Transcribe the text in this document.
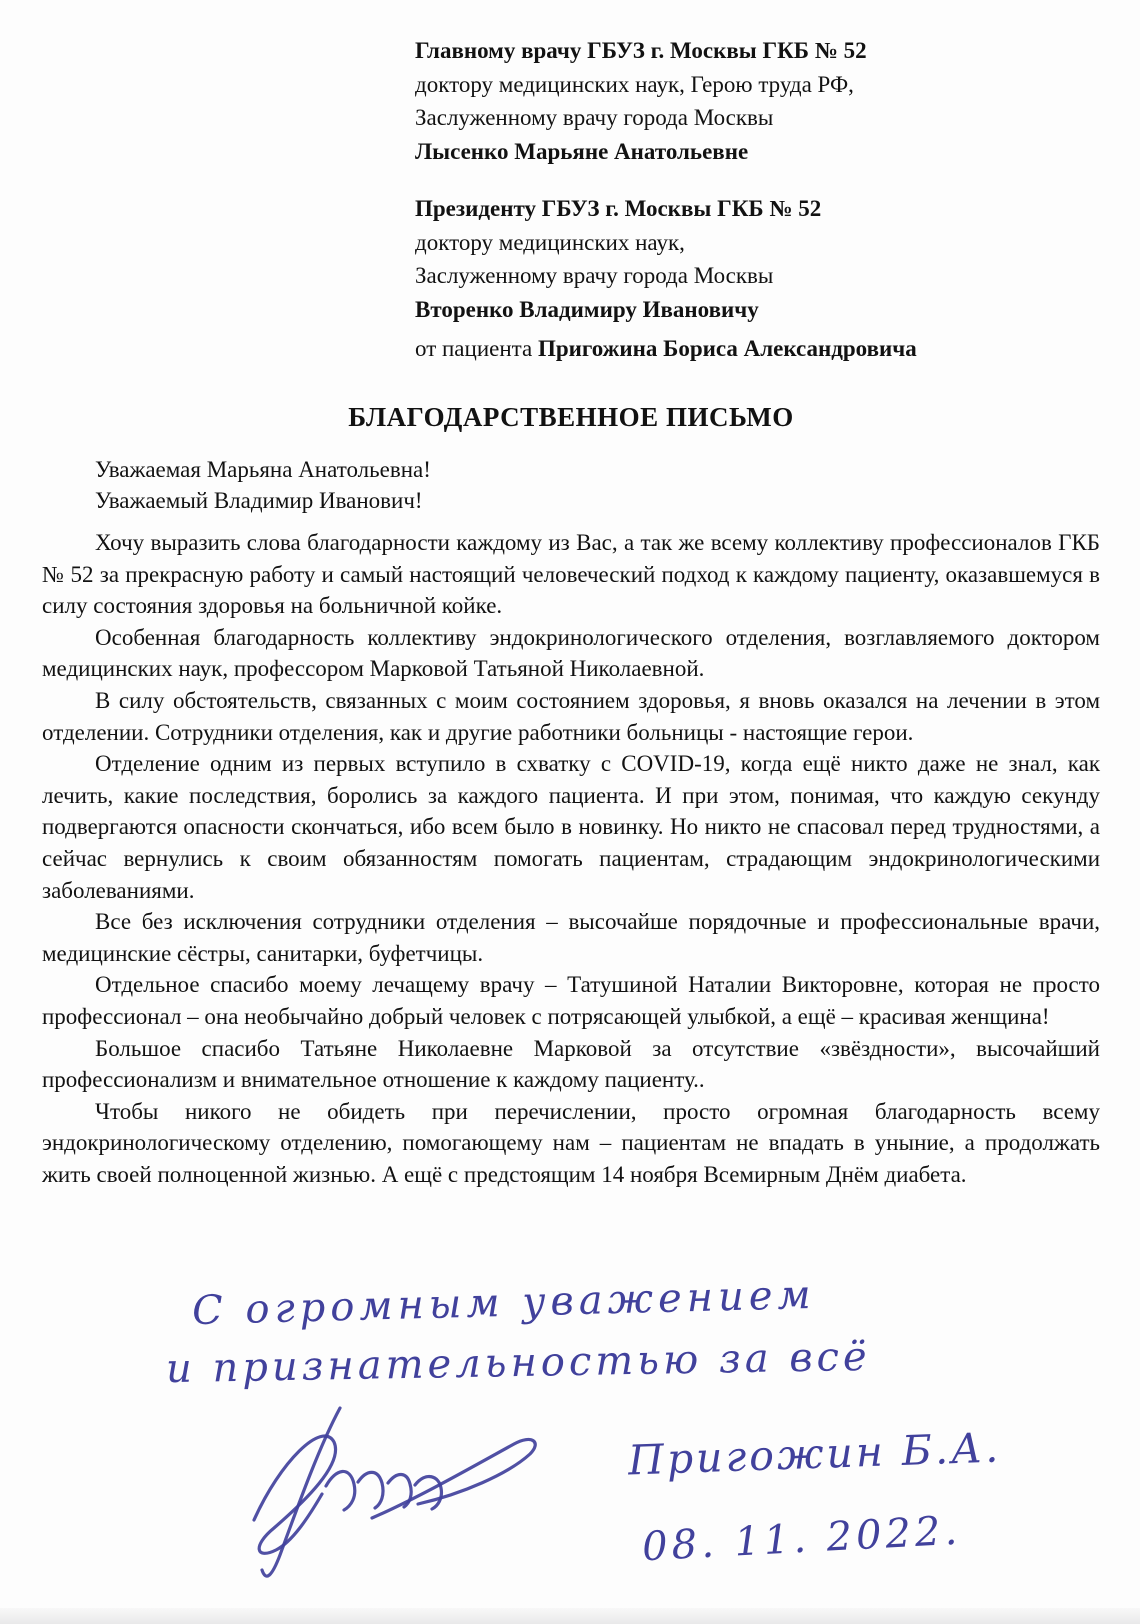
Главному врачу ГБУЗ г. Москвы ГКБ № 52
доктору медицинских наук, Герою труда РФ,
Заслуженному врачу города Москвы
Лысенко Марьяне Анатольевне
Президенту ГБУЗ г. Москвы ГКБ № 52
доктору медицинских наук,
Заслуженному врачу города Москвы
Вторенко Владимиру Ивановичу
от пациента Пригожина Бориса Александровича
БЛАГОДАРСТВЕННОЕ ПИСЬМО
Уважаемая Марьяна Анатольевна!
Уважаемый Владимир Иванович!

Хочу выразить слова благодарности каждому из Вас, а так же всему коллективу профессионалов ГКБ № 52 за прекрасную работу и самый настоящий человеческий подход к каждому пациенту, оказавшемуся в силу состояния здоровья на больничной койке.

Особенная благодарность коллективу эндокринологического отделения, возглавляемого доктором медицинских наук, профессором Марковой Татьяной Николаевной.

В силу обстоятельств, связанных с моим состоянием здоровья, я вновь оказался на лечении в этом отделении. Сотрудники отделения, как и другие работники больницы - настоящие герои.

Отделение одним из первых вступило в схватку с COVID-19, когда ещё никто даже не знал, как лечить, какие последствия, боролись за каждого пациента. И при этом, понимая, что каждую секунду подвергаются опасности скончаться, ибо всем было в новинку. Но никто не спасовал перед трудностями, а сейчас вернулись к своим обязанностям помогать пациентам, страдающим эндокринологическими заболеваниями.

Все без исключения сотрудники отделения – высочайше порядочные и профессиональные врачи, медицинские сёстры, санитарки, буфетчицы.

Отдельное спасибо моему лечащему врачу – Татушиной Наталии Викторовне, которая не просто профессионал – она необычайно добрый человек с потрясающей улыбкой, а ещё – красивая женщина!

Большое спасибо Татьяне Николаевне Марковой за отсутствие «звёздности», высочайший профессионализм и внимательное отношение к каждому пациенту..

Чтобы никого не обидеть при перечислении, просто огромная благодарность всему эндокринологическому отделению, помогающему нам – пациентам не впадать в уныние, а продолжать жить своей полноценной жизнью. А ещё с предстоящим 14 ноября Всемирным Днём диабета.

С огромным уважением
и признательностью за всё
Пригожин Б.А.
08. 11. 2022.
